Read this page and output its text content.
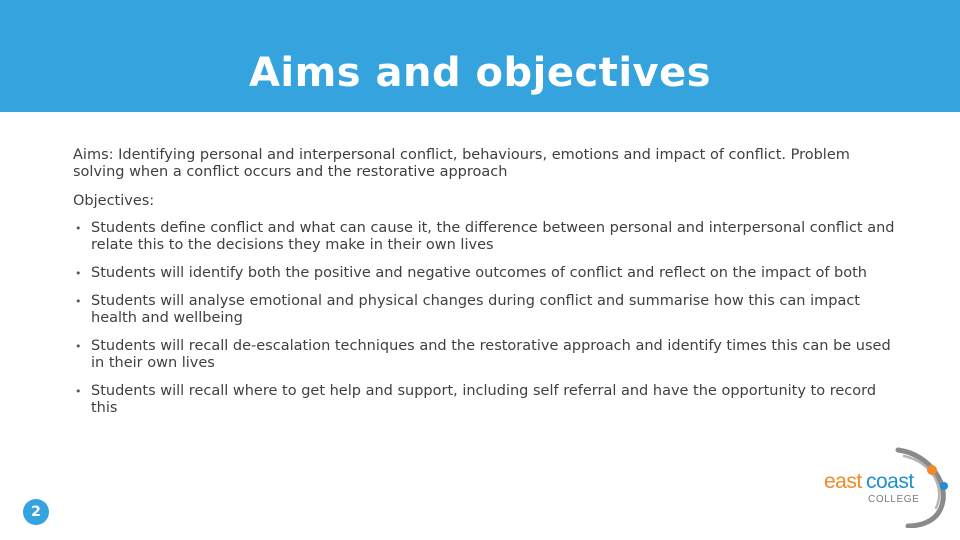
Aims and objectives

Aims: Identifying personal and interpersonal conflict, behaviours, emotions and impact of conflict. Problem solving when a conflict occurs and the restorative approach

Objectives:

• Students define conflict and what can cause it, the difference between personal and interpersonal conflict and relate this to the decisions they make in their own lives
• Students will identify both the positive and negative outcomes of conflict and reflect on the impact of both
• Students will analyse emotional and physical changes during conflict and summarise how this can impact health and wellbeing
• Students will recall de-escalation techniques and the restorative approach and identify times this can be used in their own lives
• Students will recall where to get help and support, including self referral and have the opportunity to record this
2
east coast
COLLEGE
